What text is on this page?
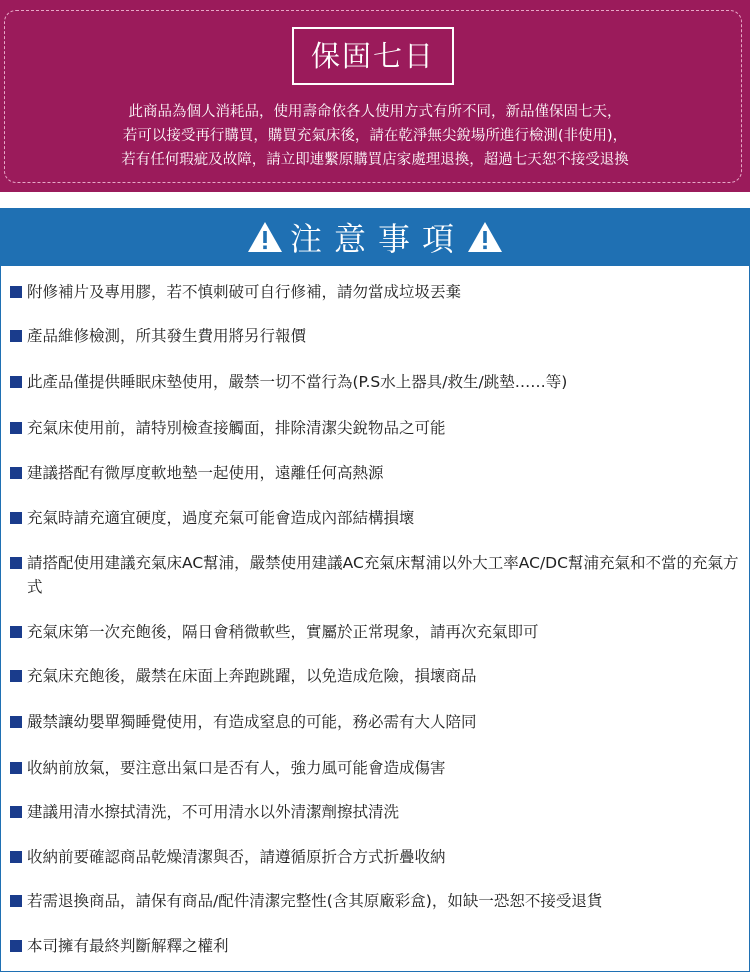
保固七日
此商品為個人消耗品，使用壽命依各人使用方式有所不同，新品僅保固七天，
若可以接受再行購買，購買充氣床後，請在乾淨無尖銳場所進行檢測(非使用)，
若有任何瑕疵及故障，請立即連繫原購買店家處理退換，超過七天恕不接受退換
注意事項
附修補片及專用膠，若不慎刺破可自行修補，請勿當成垃圾丟棄
產品維修檢測，所其發生費用將另行報價
此產品僅提供睡眠床墊使用，嚴禁一切不當行為(P.S水上器具/救生/跳墊……等)
充氣床使用前，請特別檢查接觸面，排除清潔尖銳物品之可能
建議搭配有微厚度軟地墊一起使用，遠離任何高熱源
充氣時請充適宜硬度，過度充氣可能會造成內部結構損壞
請搭配使用建議充氣床AC幫浦，嚴禁使用建議AC充氣床幫浦以外大工率AC/DC幫浦充氣和不當的充氣方式
充氣床第一次充飽後，隔日會稍微軟些，實屬於正常現象，請再次充氣即可
充氣床充飽後，嚴禁在床面上奔跑跳躍，以免造成危險，損壞商品
嚴禁讓幼嬰單獨睡覺使用，有造成窒息的可能，務必需有大人陪同
收納前放氣，要注意出氣口是否有人，強力風可能會造成傷害
建議用清水擦拭清洗，不可用清水以外清潔劑擦拭清洗
收納前要確認商品乾燥清潔與否，請遵循原折合方式折疊收納
若需退換商品，請保有商品/配件清潔完整性(含其原廠彩盒)，如缺一恐恕不接受退貨
本司擁有最終判斷解釋之權利
